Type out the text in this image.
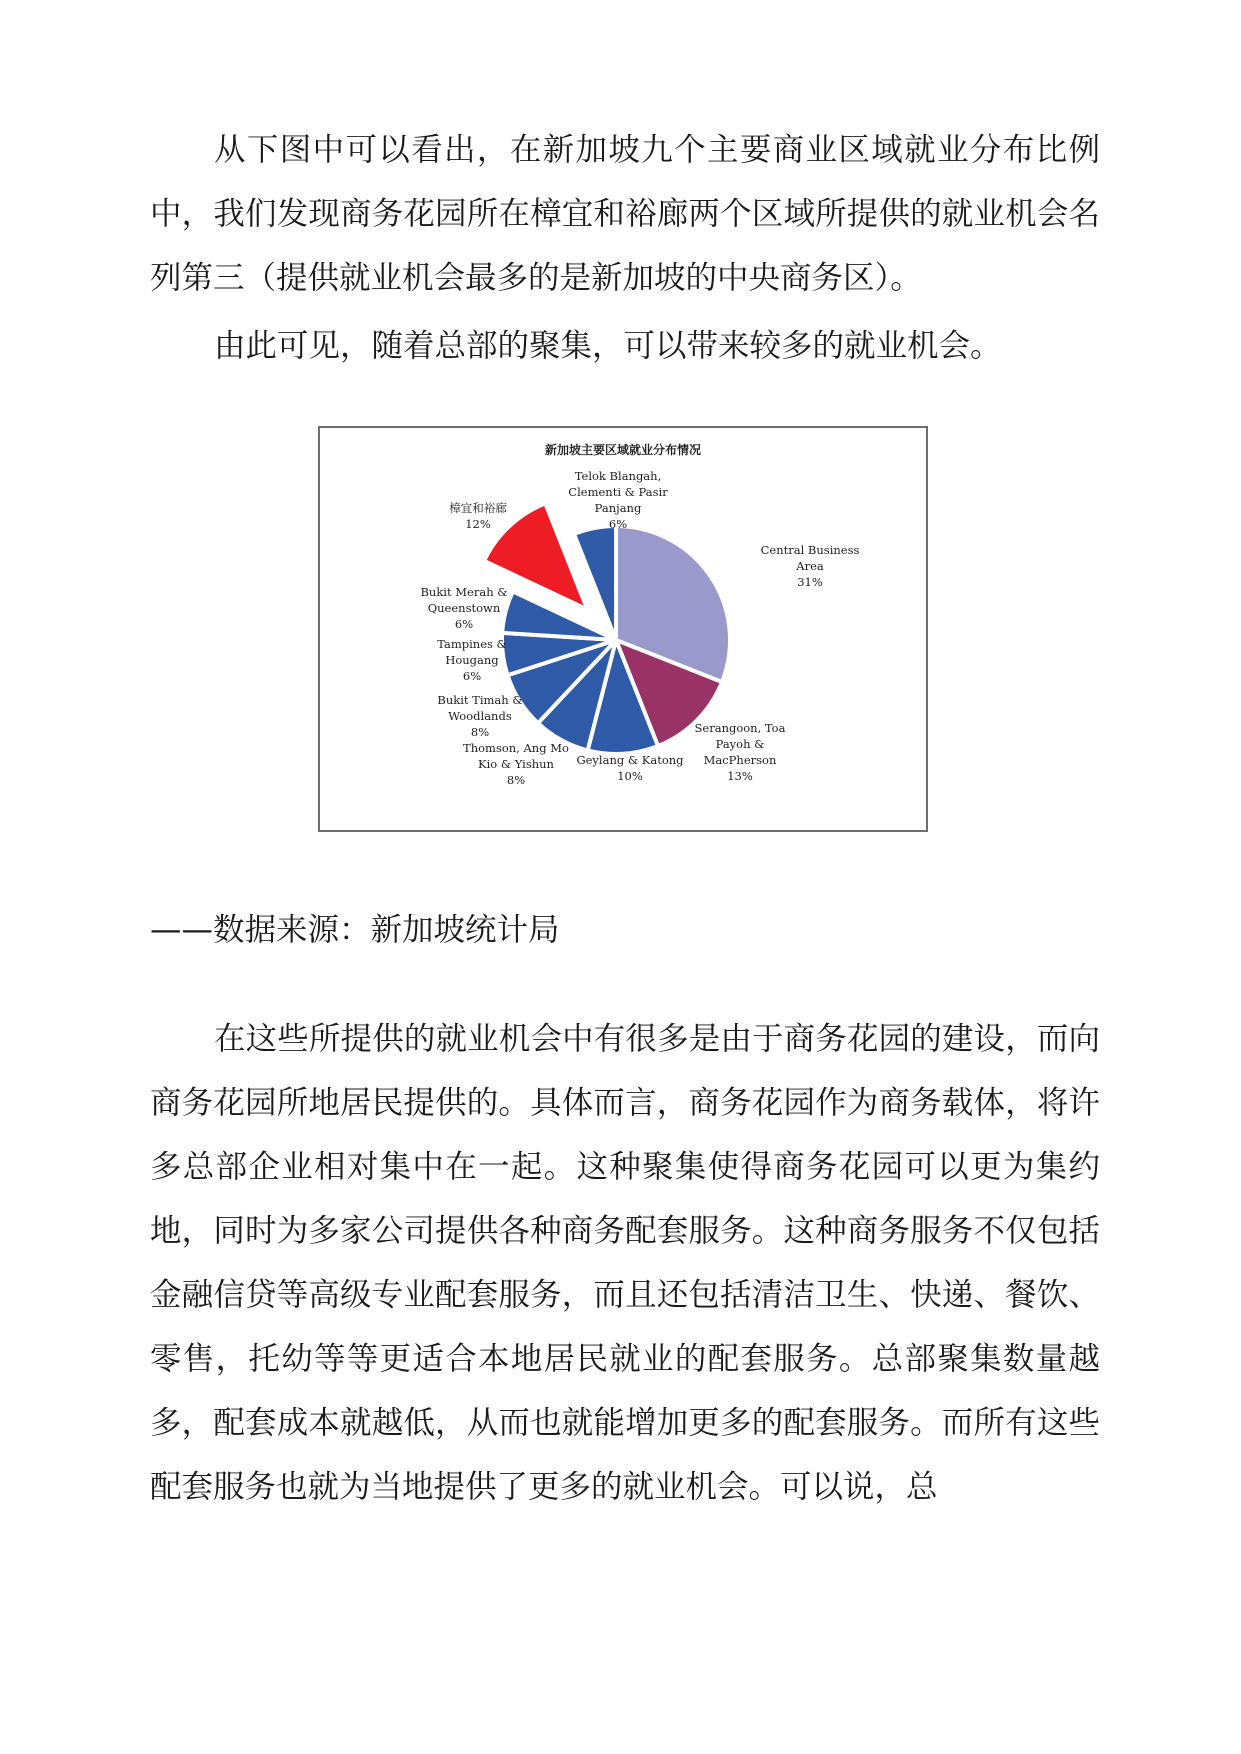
从下图中可以看出，在新加坡九个主要商业区域就业分布比例中，我们发现商务花园所在樟宜和裕廊两个区域所提供的就业机会名列第三（提供就业机会最多的是新加坡的中央商务区）。

由此可见，随着总部的聚集，可以带来较多的就业机会。

新加坡主要区域就业分布情况
Central Business Area 31%
Serangoon, Toa Payoh & MacPherson 13%
Geylang & Katong 10%
Thomson, Ang Mo Kio & Yishun 8%
Bukit Timah & Woodlands 8%
Tampines & Hougang 6%
Bukit Merah & Queenstown 6%
樟宜和裕廊 12%
Telok Blangah, Clementi & Pasir Panjang 6%

——数据来源：新加坡统计局

在这些所提供的就业机会中有很多是由于商务花园的建设，而向商务花园所地居民提供的。具体而言，商务花园作为商务载体，将许多总部企业相对集中在一起。这种聚集使得商务花园可以更为集约地，同时为多家公司提供各种商务配套服务。这种商务服务不仅包括金融信贷等高级专业配套服务，而且还包括清洁卫生、快递、餐饮、零售，托幼等等更适合本地居民就业的配套服务。总部聚集数量越多，配套成本就越低，从而也就能增加更多的配套服务。而所有这些配套服务也就为当地提供了更多的就业机会。可以说，总
